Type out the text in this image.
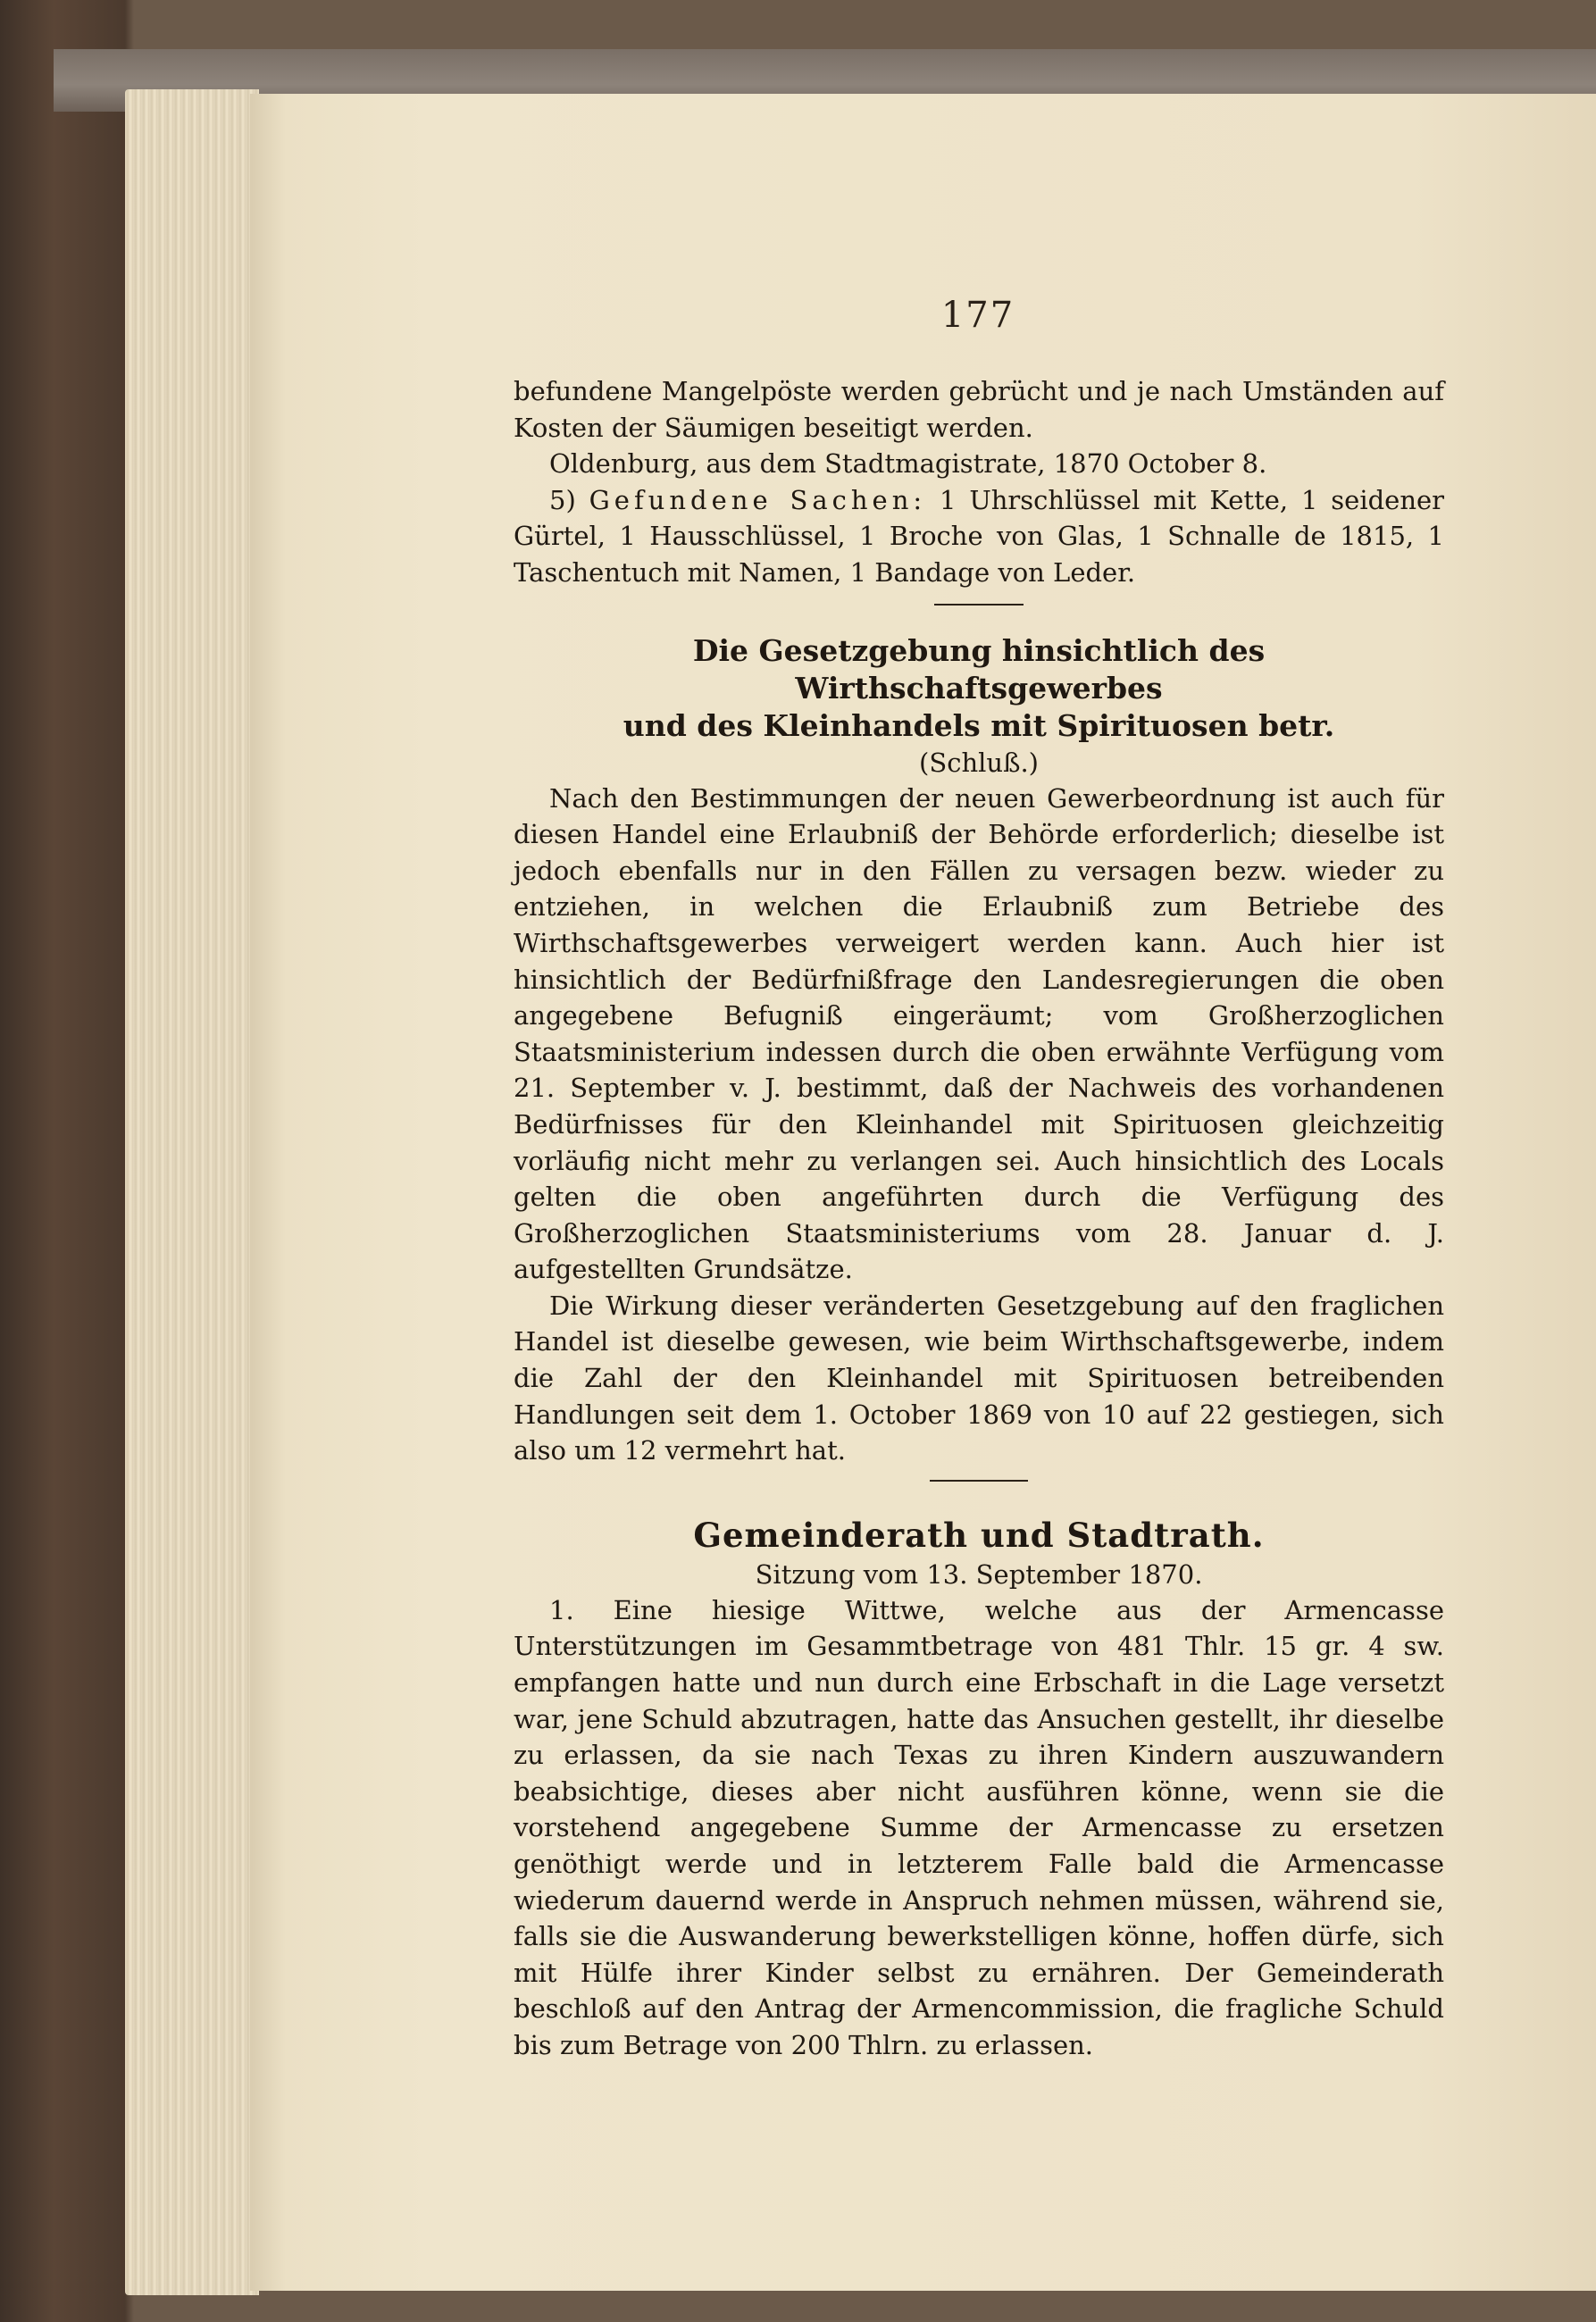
177

befundene Mangelpöste werden gebrücht und je nach Umständen auf Kosten der Säumigen beseitigt werden.

Oldenburg, aus dem Stadtmagistrate, 1870 October 8.

5) Gefundene Sachen: 1 Uhrschlüssel mit Kette, 1 seidener Gürtel, 1 Hausschlüssel, 1 Broche von Glas, 1 Schnalle de 1815, 1 Taschentuch mit Namen, 1 Bandage von Leder.

Die Gesetzgebung hinsichtlich des Wirthschaftsgewerbes

und des Kleinhandels mit Spirituosen betr.

(Schluß.)

Nach den Bestimmungen der neuen Gewerbeordnung ist auch für diesen Handel eine Erlaubniß der Behörde erforderlich; dieselbe ist jedoch ebenfalls nur in den Fällen zu versagen bezw. wieder zu entziehen, in welchen die Erlaubniß zum Betriebe des Wirthschaftsgewerbes verweigert werden kann. Auch hier ist hinsichtlich der Bedürfnißfrage den Landesregierungen die oben angegebene Befugniß eingeräumt; vom Großherzoglichen Staatsministerium indessen durch die oben erwähnte Verfügung vom 21. September v. J. bestimmt, daß der Nachweis des vorhandenen Bedürfnisses für den Kleinhandel mit Spirituosen gleichzeitig vorläufig nicht mehr zu verlangen sei. Auch hinsichtlich des Locals gelten die oben angeführten durch die Verfügung des Großherzoglichen Staatsministeriums vom 28. Januar d. J. aufgestellten Grundsätze.

Die Wirkung dieser veränderten Gesetzgebung auf den fraglichen Handel ist dieselbe gewesen, wie beim Wirthschaftsgewerbe, indem die Zahl der den Kleinhandel mit Spirituosen betreibenden Handlungen seit dem 1. October 1869 von 10 auf 22 gestiegen, sich also um 12 vermehrt hat.

Gemeinderath und Stadtrath.

Sitzung vom 13. September 1870.

1. Eine hiesige Wittwe, welche aus der Armencasse Unterstützungen im Gesammtbetrage von 481 Thlr. 15 gr. 4 sw. empfangen hatte und nun durch eine Erbschaft in die Lage versetzt war, jene Schuld abzutragen, hatte das Ansuchen gestellt, ihr dieselbe zu erlassen, da sie nach Texas zu ihren Kindern auszuwandern beabsichtige, dieses aber nicht ausführen könne, wenn sie die vorstehend angegebene Summe der Armencasse zu ersetzen genöthigt werde und in letzterem Falle bald die Armencasse wiederum dauernd werde in Anspruch nehmen müssen, während sie, falls sie die Auswanderung bewerkstelligen könne, hoffen dürfe, sich mit Hülfe ihrer Kinder selbst zu ernähren. Der Gemeinderath beschloß auf den Antrag der Armencommission, die fragliche Schuld bis zum Betrage von 200 Thlrn. zu erlassen.
